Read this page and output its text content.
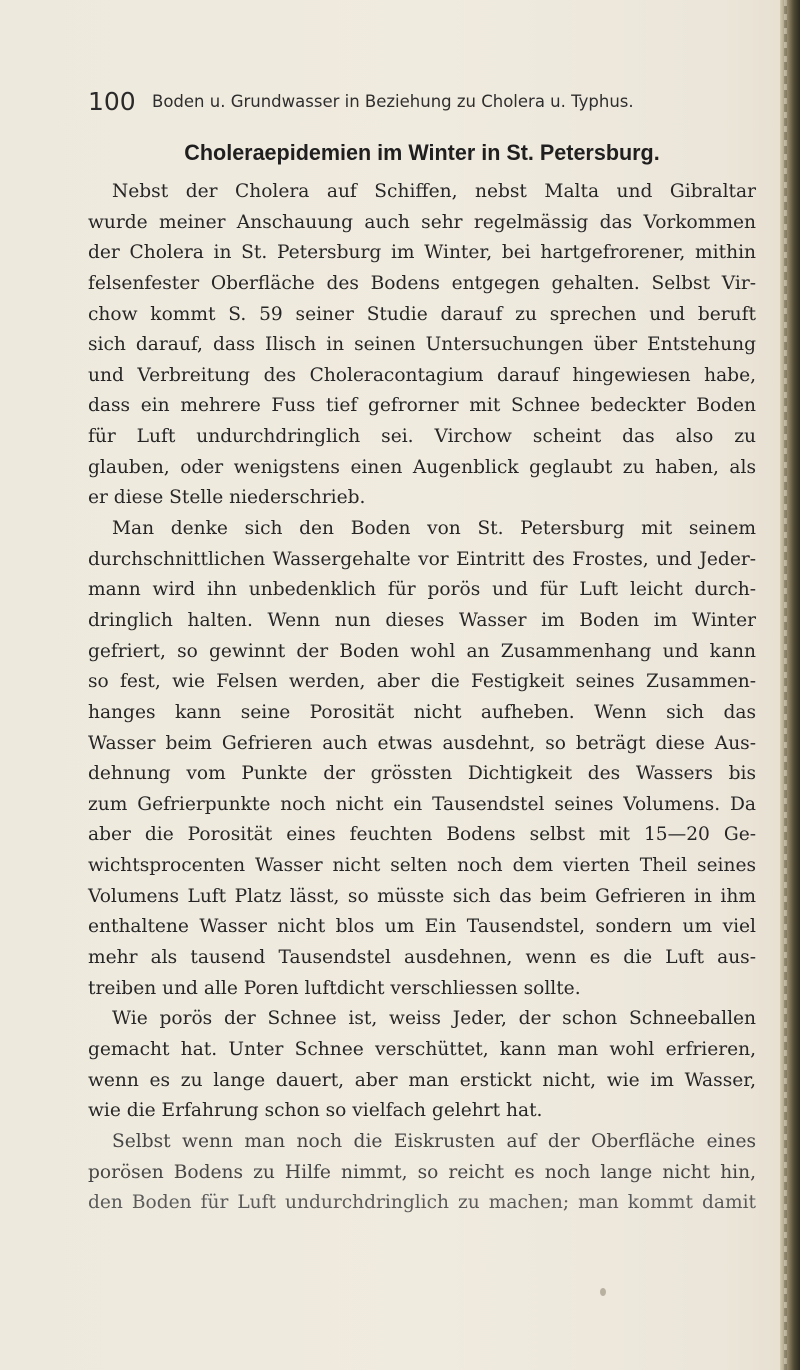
100 Boden u. Grundwasser in Beziehung zu Cholera u. Typhus.
Choleraepidemien im Winter in St. Petersburg.
Nebst der Cholera auf Schiffen, nebst Malta und Gibraltar
wurde meiner Anschauung auch sehr regelmässig das Vorkommen
der Cholera in St. Petersburg im Winter, bei hartgefrorener, mithin
felsenfester Oberfläche des Bodens entgegen gehalten. Selbst Vir-
chow kommt S. 59 seiner Studie darauf zu sprechen und beruft
sich darauf, dass Ilisch in seinen Untersuchungen über Entstehung
und Verbreitung des Choleracontagium darauf hingewiesen habe,
dass ein mehrere Fuss tief gefrorner mit Schnee bedeckter Boden
für Luft undurchdringlich sei. Virchow scheint das also zu
glauben, oder wenigstens einen Augenblick geglaubt zu haben, als
er diese Stelle niederschrieb.
Man denke sich den Boden von St. Petersburg mit seinem
durchschnittlichen Wassergehalte vor Eintritt des Frostes, und Jeder-
mann wird ihn unbedenklich für porös und für Luft leicht durch-
dringlich halten. Wenn nun dieses Wasser im Boden im Winter
gefriert, so gewinnt der Boden wohl an Zusammenhang und kann
so fest, wie Felsen werden, aber die Festigkeit seines Zusammen-
hanges kann seine Porosität nicht aufheben. Wenn sich das
Wasser beim Gefrieren auch etwas ausdehnt, so beträgt diese Aus-
dehnung vom Punkte der grössten Dichtigkeit des Wassers bis
zum Gefrierpunkte noch nicht ein Tausendstel seines Volumens. Da
aber die Porosität eines feuchten Bodens selbst mit 15—20 Ge-
wichtsprocenten Wasser nicht selten noch dem vierten Theil seines
Volumens Luft Platz lässt, so müsste sich das beim Gefrieren in ihm
enthaltene Wasser nicht blos um Ein Tausendstel, sondern um viel
mehr als tausend Tausendstel ausdehnen, wenn es die Luft aus-
treiben und alle Poren luftdicht verschliessen sollte.
Wie porös der Schnee ist, weiss Jeder, der schon Schneeballen
gemacht hat. Unter Schnee verschüttet, kann man wohl erfrieren,
wenn es zu lange dauert, aber man erstickt nicht, wie im Wasser,
wie die Erfahrung schon so vielfach gelehrt hat.
Selbst wenn man noch die Eiskrusten auf der Oberfläche eines
porösen Bodens zu Hilfe nimmt, so reicht es noch lange nicht hin,
den Boden für Luft undurchdringlich zu machen; man kommt damit
